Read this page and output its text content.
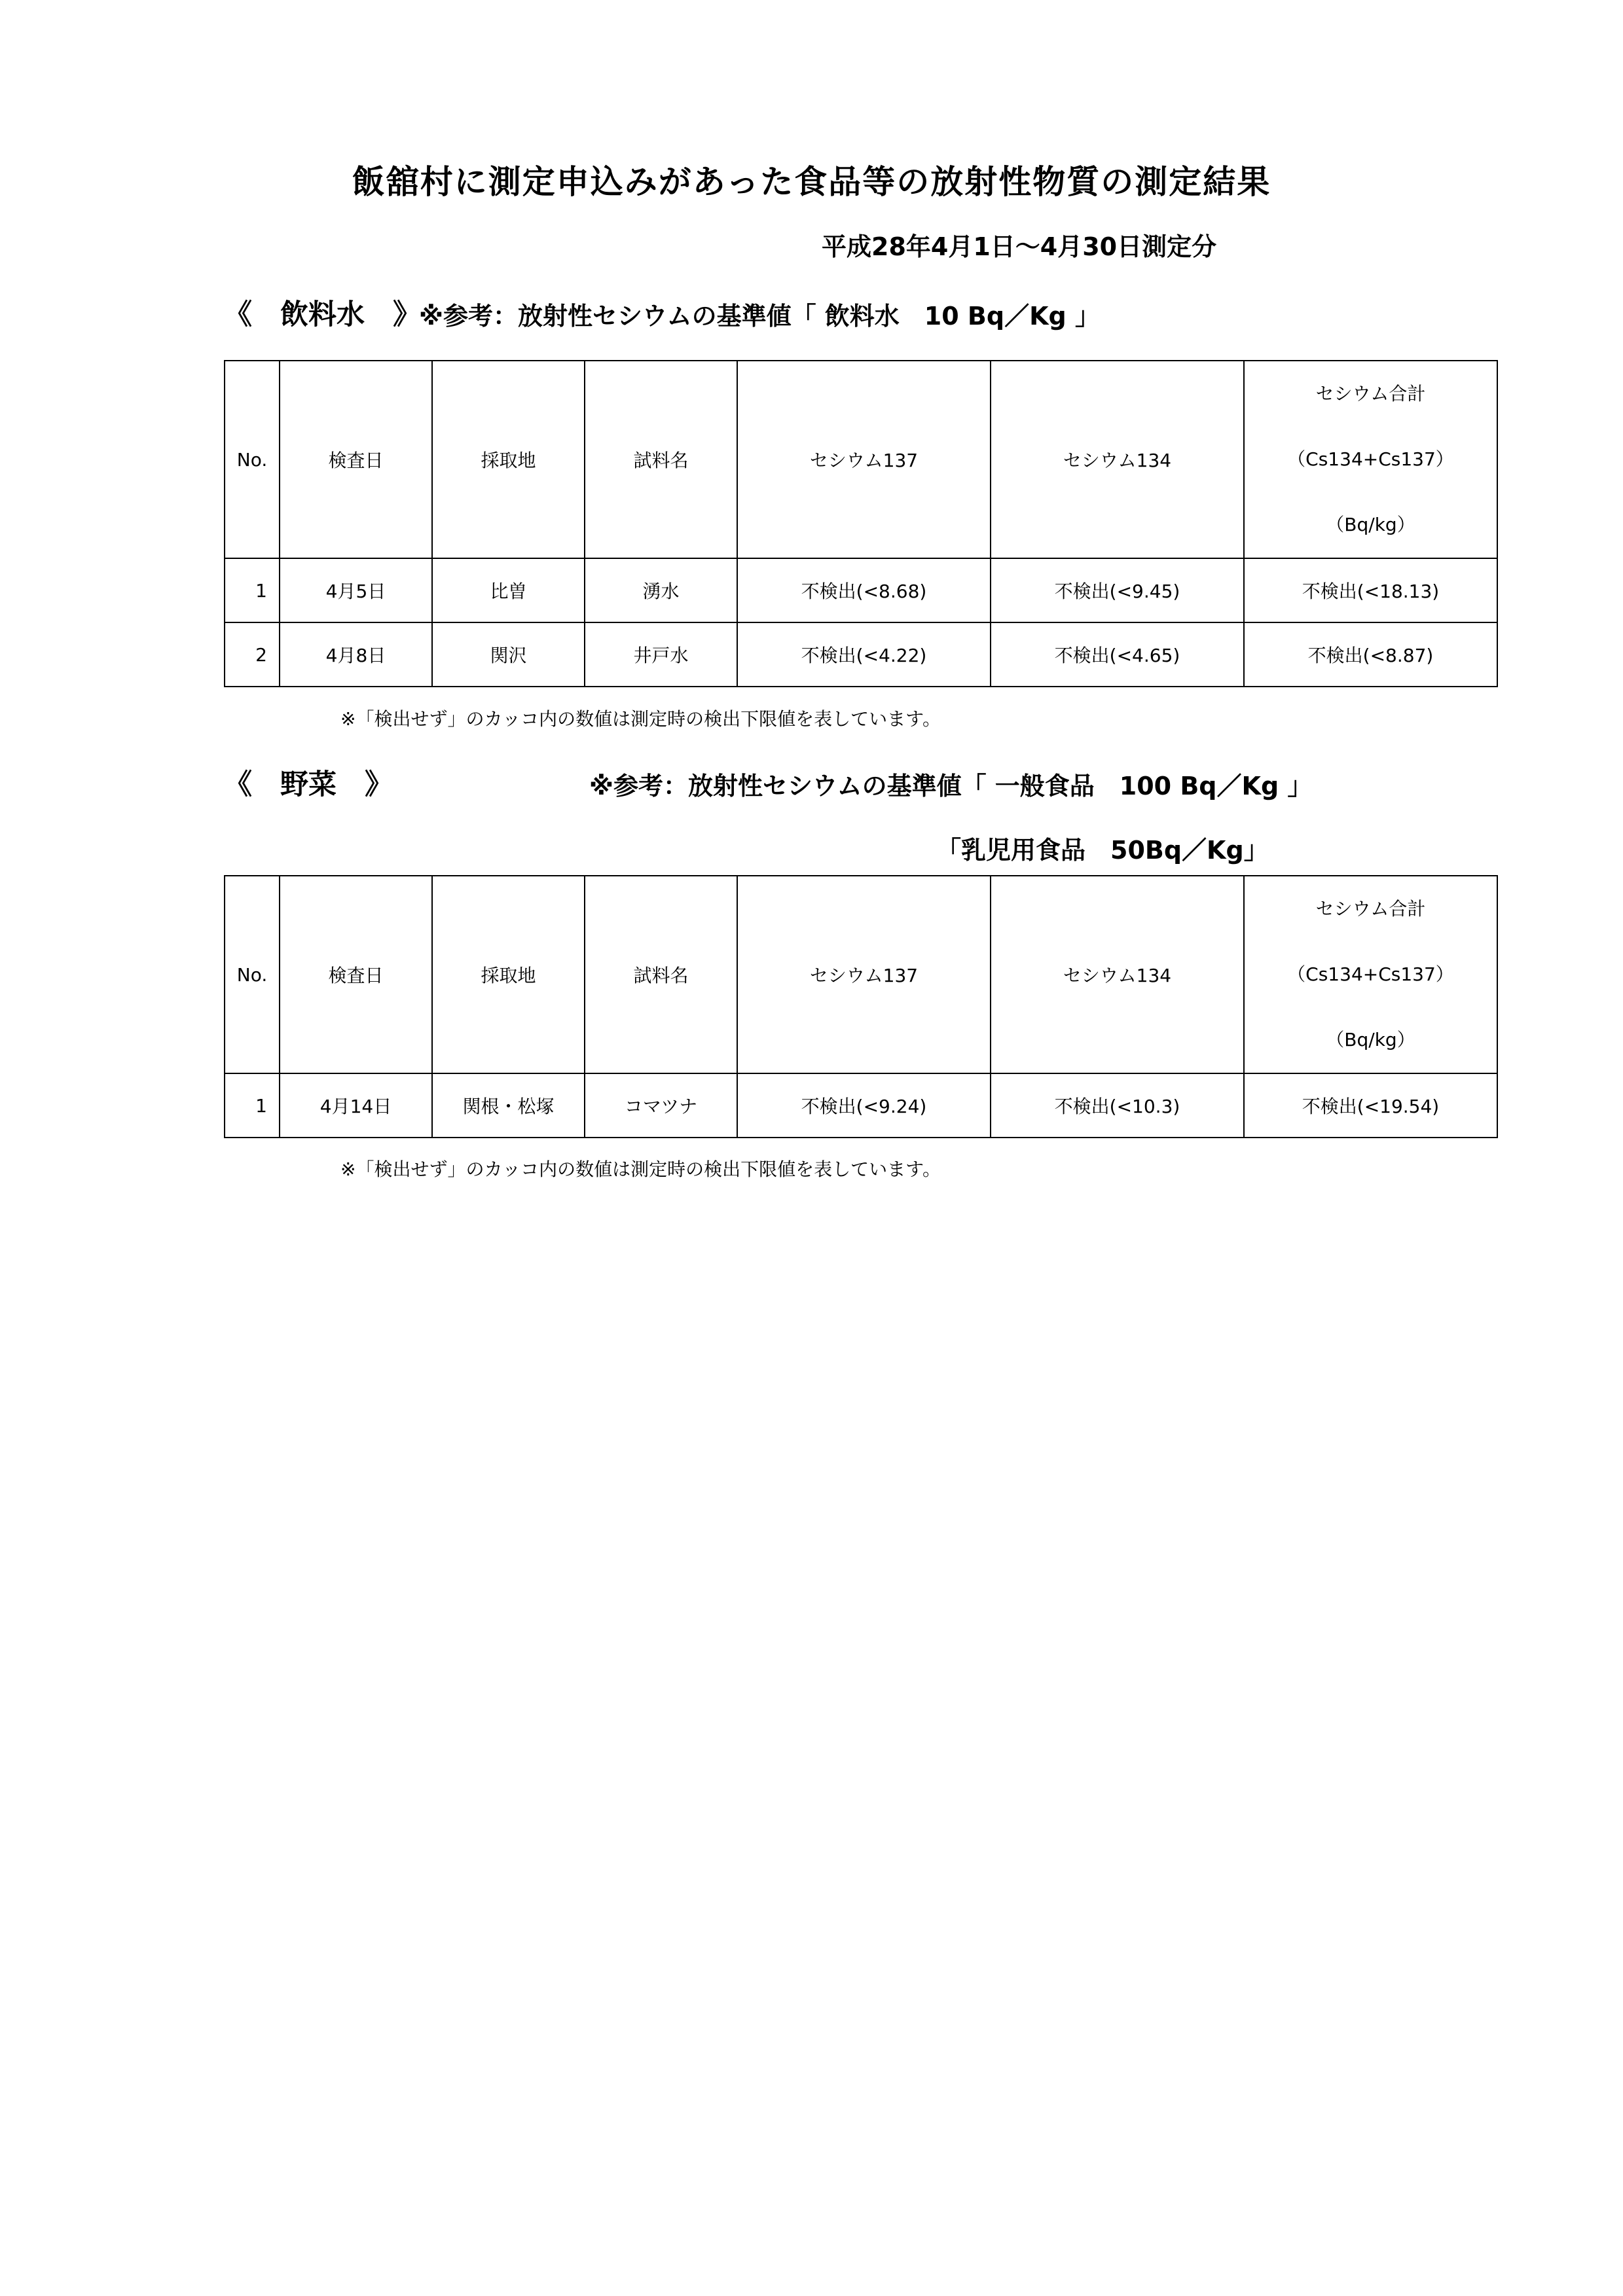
飯舘村に測定申込みがあった食品等の放射性物質の測定結果
平成28年4月1日～4月30日測定分
《　飲料水　》
※参考：放射性セシウムの基準値「 飲料水　10 Bq／Kg 」
No.	検査日	採取地	試料名	セシウム137	セシウム134	セシウム合計
（Cs134+Cs137）
（Bq/kg）

1	4月5日	比曽	湧水	不検出(<8.68)	不検出(<9.45)	不検出(<18.13)
2	4月8日	関沢	井戸水	不検出(<4.22)	不検出(<4.65)	不検出(<8.87)
※「検出せず」のカッコ内の数値は測定時の検出下限値を表しています。
《　野菜　》	※参考：放射性セシウムの基準値「 一般食品　100 Bq／Kg 」
「乳児用食品　50Bq／Kg」
No.	検査日	採取地	試料名	セシウム137	セシウム134	セシウム合計
（Cs134+Cs137）
（Bq/kg）

1	4月14日	関根・松塚	コマツナ	不検出(<9.24)	不検出(<10.3)	不検出(<19.54)
※「検出せず」のカッコ内の数値は測定時の検出下限値を表しています。
